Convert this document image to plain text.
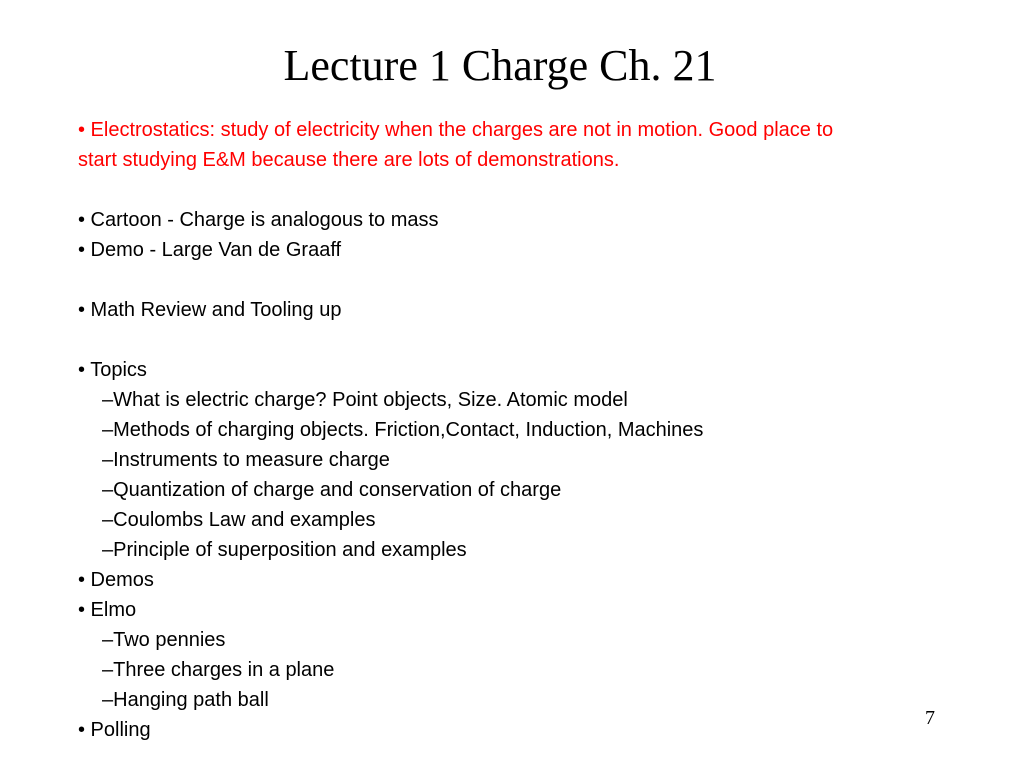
Lecture 1 Charge Ch. 21
• Electrostatics: study of electricity when the charges are not in motion. Good place to
start studying E&M because there are lots of demonstrations.
• Cartoon - Charge is analogous to mass
• Demo - Large Van de Graaff
• Math Review and Tooling up
• Topics
–What is electric charge? Point objects, Size. Atomic model
–Methods of charging objects. Friction,Contact, Induction, Machines
–Instruments to measure charge
–Quantization of charge and conservation of charge
–Coulombs Law and examples
–Principle of superposition and examples
• Demos
• Elmo
–Two pennies
–Three charges in a plane
–Hanging path ball
• Polling
7
